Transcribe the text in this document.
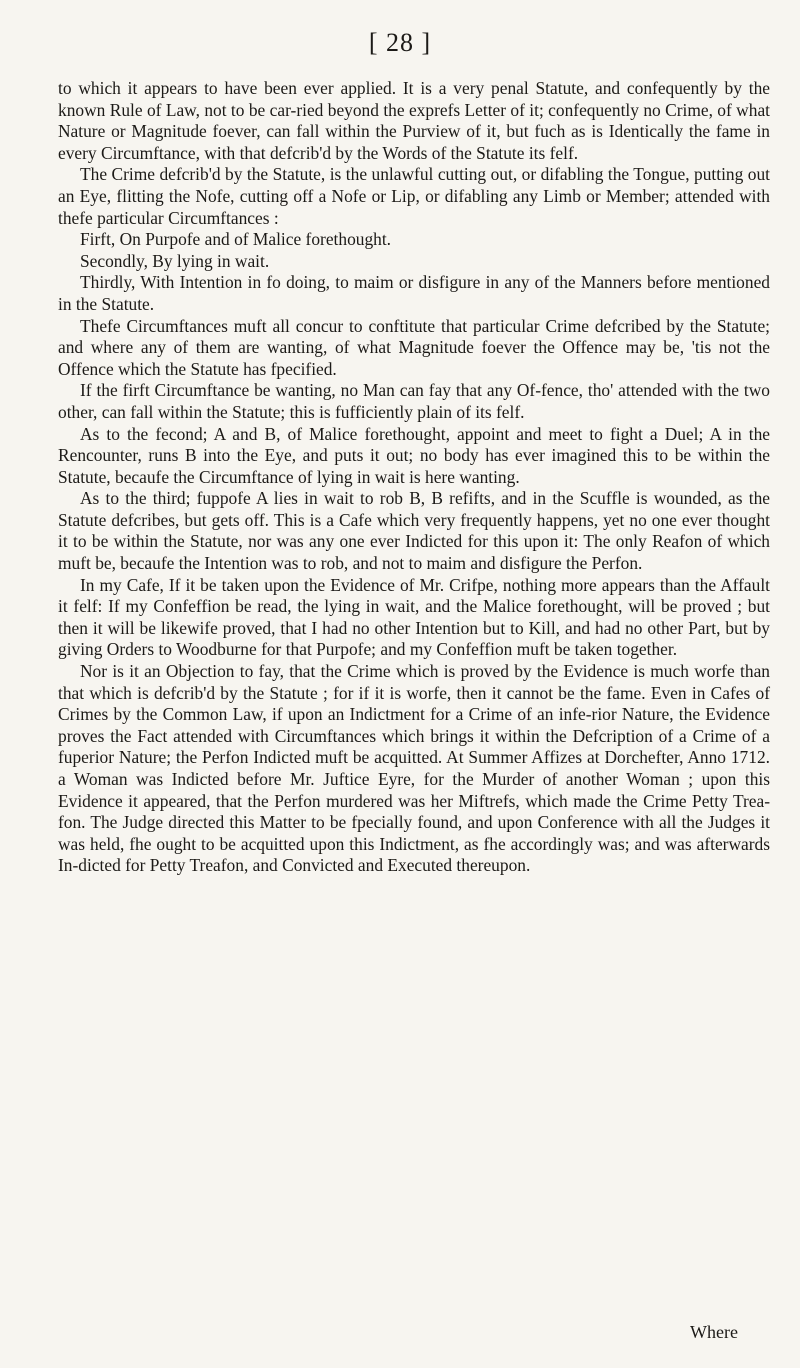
[ 28 ]

to which it appears to have been ever applied. It is a very penal Statute, and confequently by the known Rule of Law, not to be car-ried beyond the exprefs Letter of it; confequently no Crime, of what Nature or Magnitude foever, can fall within the Purview of it, but fuch as is Identically the fame in every Circumftance, with that defcrib'd by the Words of the Statute its felf.

The Crime defcrib'd by the Statute, is the unlawful cutting out, or difabling the Tongue, putting out an Eye, flitting the Nofe, cutting off a Nofe or Lip, or difabling any Limb or Member; attended with thefe particular Circumftances :

Firft, On Purpofe and of Malice forethought.

Secondly, By lying in wait.

Thirdly, With Intention in fo doing, to maim or disfigure in any of the Manners before mentioned in the Statute.

Thefe Circumftances muft all concur to conftitute that particular Crime defcribed by the Statute; and where any of them are wanting, of what Magnitude foever the Offence may be, 'tis not the Offence which the Statute has fpecified.

If the firft Circumftance be wanting, no Man can fay that any Of-fence, tho' attended with the two other, can fall within the Statute; this is fufficiently plain of its felf.

As to the fecond; A and B, of Malice forethought, appoint and meet to fight a Duel; A in the Rencounter, runs B into the Eye, and puts it out; no body has ever imagined this to be within the Statute, becaufe the Circumftance of lying in wait is here wanting.

As to the third; fuppofe A lies in wait to rob B, B refifts, and in the Scuffle is wounded, as the Statute defcribes, but gets off. This is a Cafe which very frequently happens, yet no one ever thought it to be within the Statute, nor was any one ever Indicted for this upon it: The only Reafon of which muft be, becaufe the Intention was to rob, and not to maim and disfigure the Perfon.

In my Cafe, If it be taken upon the Evidence of Mr. Crifpe, nothing more appears than the Affault it felf: If my Confeffion be read, the lying in wait, and the Malice forethought, will be proved ; but then it will be likewife proved, that I had no other Intention but to Kill, and had no other Part, but by giving Orders to Woodburne for that Purpofe; and my Confeffion muft be taken together.

Nor is it an Objection to fay, that the Crime which is proved by the Evidence is much worfe than that which is defcrib'd by the Statute ; for if it is worfe, then it cannot be the fame. Even in Cafes of Crimes by the Common Law, if upon an Indictment for a Crime of an infe-rior Nature, the Evidence proves the Fact attended with Circumftances which brings it within the Defcription of a Crime of a fuperior Nature; the Perfon Indicted muft be acquitted. At Summer Affizes at Dorchefter, Anno 1712. a Woman was Indicted before Mr. Juftice Eyre, for the Murder of another Woman ; upon this Evidence it appeared, that the Perfon murdered was her Miftrefs, which made the Crime Petty Trea-fon. The Judge directed this Matter to be fpecially found, and upon Conference with all the Judges it was held, fhe ought to be acquitted upon this Indictment, as fhe accordingly was; and was afterwards In-dicted for Petty Treafon, and Convicted and Executed thereupon.

Where
